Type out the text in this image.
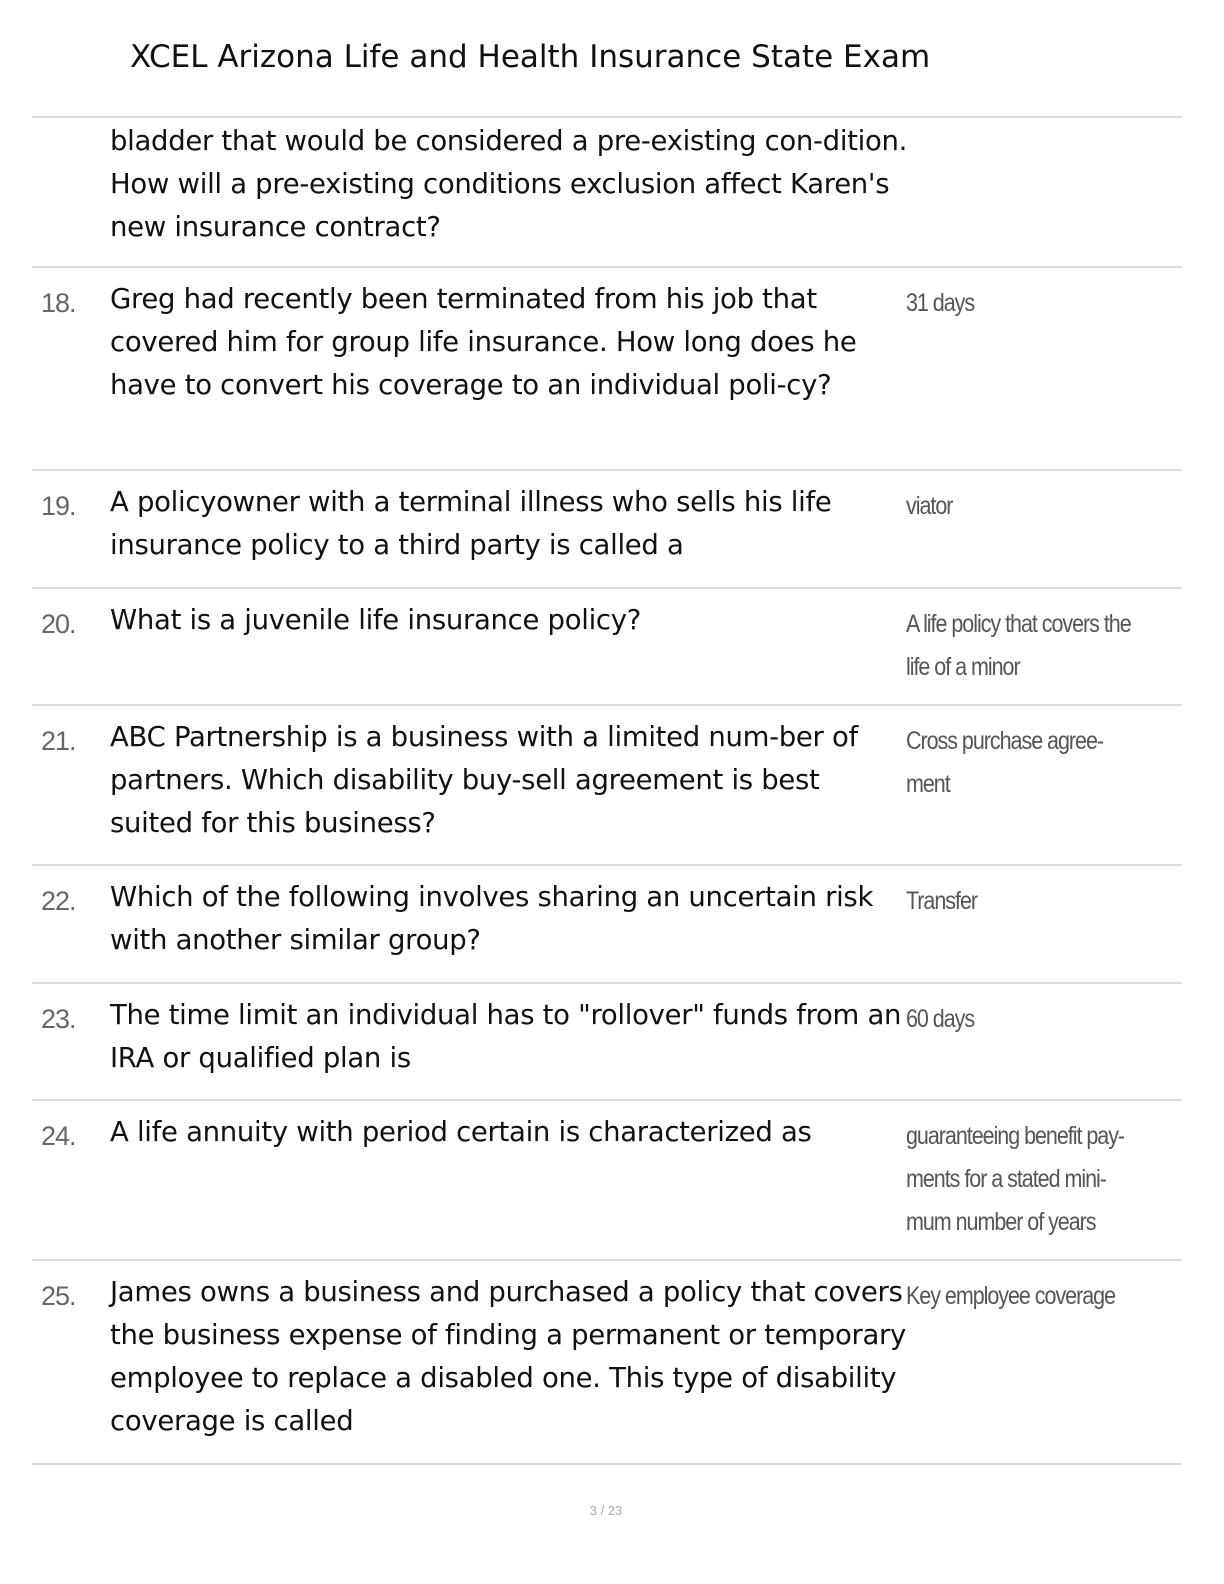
XCEL Arizona Life and Health Insurance State Exam
bladder that would be considered a pre-existing con-dition. How will a pre-existing conditions exclusion affect Karen's new insurance contract?
18. Greg had recently been terminated from his job that covered him for group life insurance. How long does he have to convert his coverage to an individual poli-cy?
31 days
19. A policyowner with a terminal illness who sells his life insurance policy to a third party is called a
viator
20. What is a juvenile life insurance policy?	A life policy that covers the life of a minor
21. ABC Partnership is a business with a limited num-ber of partners. Which disability buy-sell agreement is best suited for this business?
Cross purchase agree-ment
22. Which of the following involves sharing an uncertain risk with another similar group?
Transfer
23. The time limit an individual has to "rollover" funds from an IRA or qualified plan is
60 days
24. A life annuity with period certain is characterized as	guaranteeing benefit pay-ments for a stated mini-mum number of years
25. James owns a business and purchased a policy that covers the business expense of finding a permanent or temporary employee to replace a disabled one. This type of disability coverage is called
Key employee coverage
3 / 23
